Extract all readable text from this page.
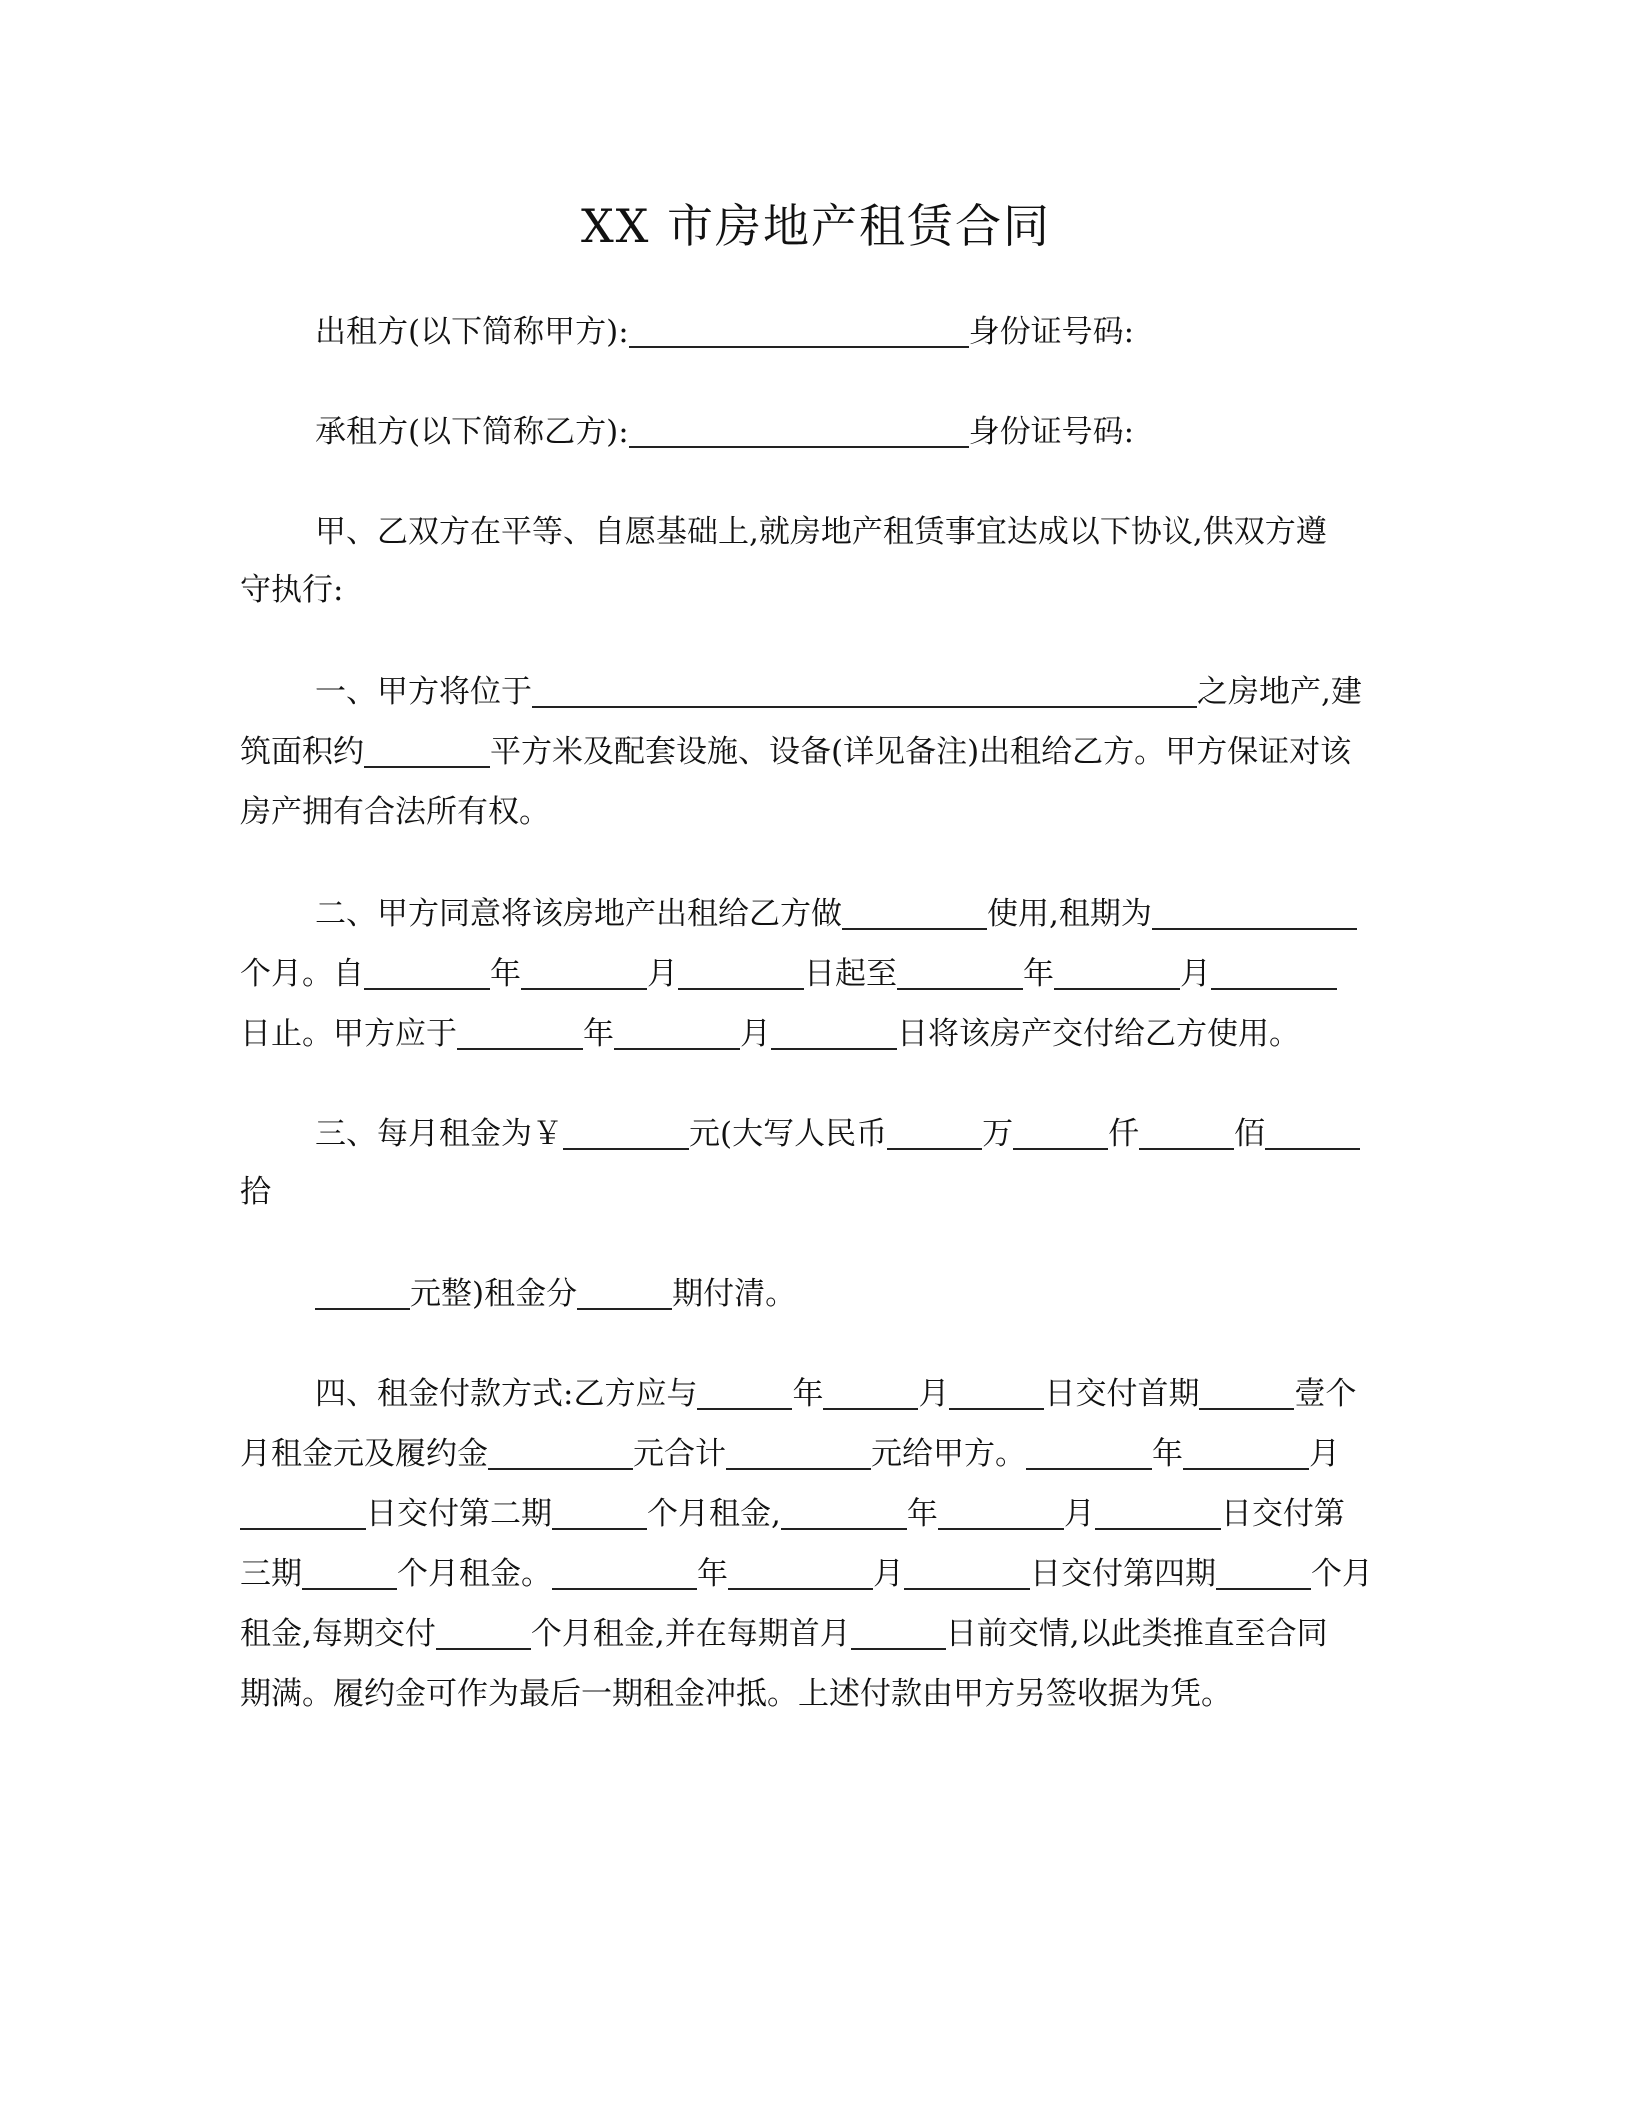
XX 市房地产租赁合同
出租方(以下简称甲方):	身份证号码:
承租方(以下简称乙方):	身份证号码:
甲、乙双方在平等、自愿基础上,就房地产租赁事宜达成以下协议,供双方遵
守执行:
一、甲方将位于	之房地产,建
筑面积约	平方米及配套设施、设备(详见备注)出租给乙方。甲方保证对该
房产拥有合法所有权。
二、甲方同意将该房地产出租给乙方做	使用,租期为
个月。自	年	月	日起至	年	月
日止。甲方应于	年	月	日将该房产交付给乙方使用。
三、每月租金为￥	元(大写人民币	万	仟	佰
拾
元整)租金分	期付清。
四、租金付款方式:乙方应与	年	月	日交付首期	壹个
月租金元及履约金	元合计	元给甲方。	年	月
日交付第二期	个月租金,	年	月	日交付第
三期	个月租金。	年	月	日交付第四期	个月
租金,每期交付	个月租金,并在每期首月	日前交情,以此类推直至合同
期满。履约金可作为最后一期租金冲抵。上述付款由甲方另签收据为凭。
